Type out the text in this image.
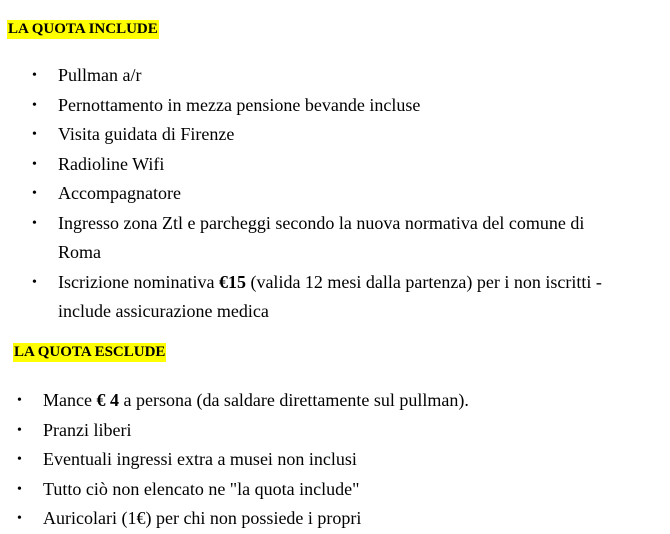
LA QUOTA INCLUDE
• Pullman a/r
• Pernottamento in mezza pensione bevande incluse
• Visita guidata di Firenze
• Radioline Wifi
• Accompagnatore
• Ingresso zona Ztl e parcheggi secondo la nuova normativa del comune di
Roma
• Iscrizione nominativa €15 (valida 12 mesi dalla partenza) per i non iscritti -
include assicurazione medica
LA QUOTA ESCLUDE
• Mance € 4 a persona (da saldare direttamente sul pullman).
• Pranzi liberi
• Eventuali ingressi extra a musei non inclusi
• Tutto ciò non elencato ne "la quota include"
• Auricolari (1€) per chi non possiede i propri
